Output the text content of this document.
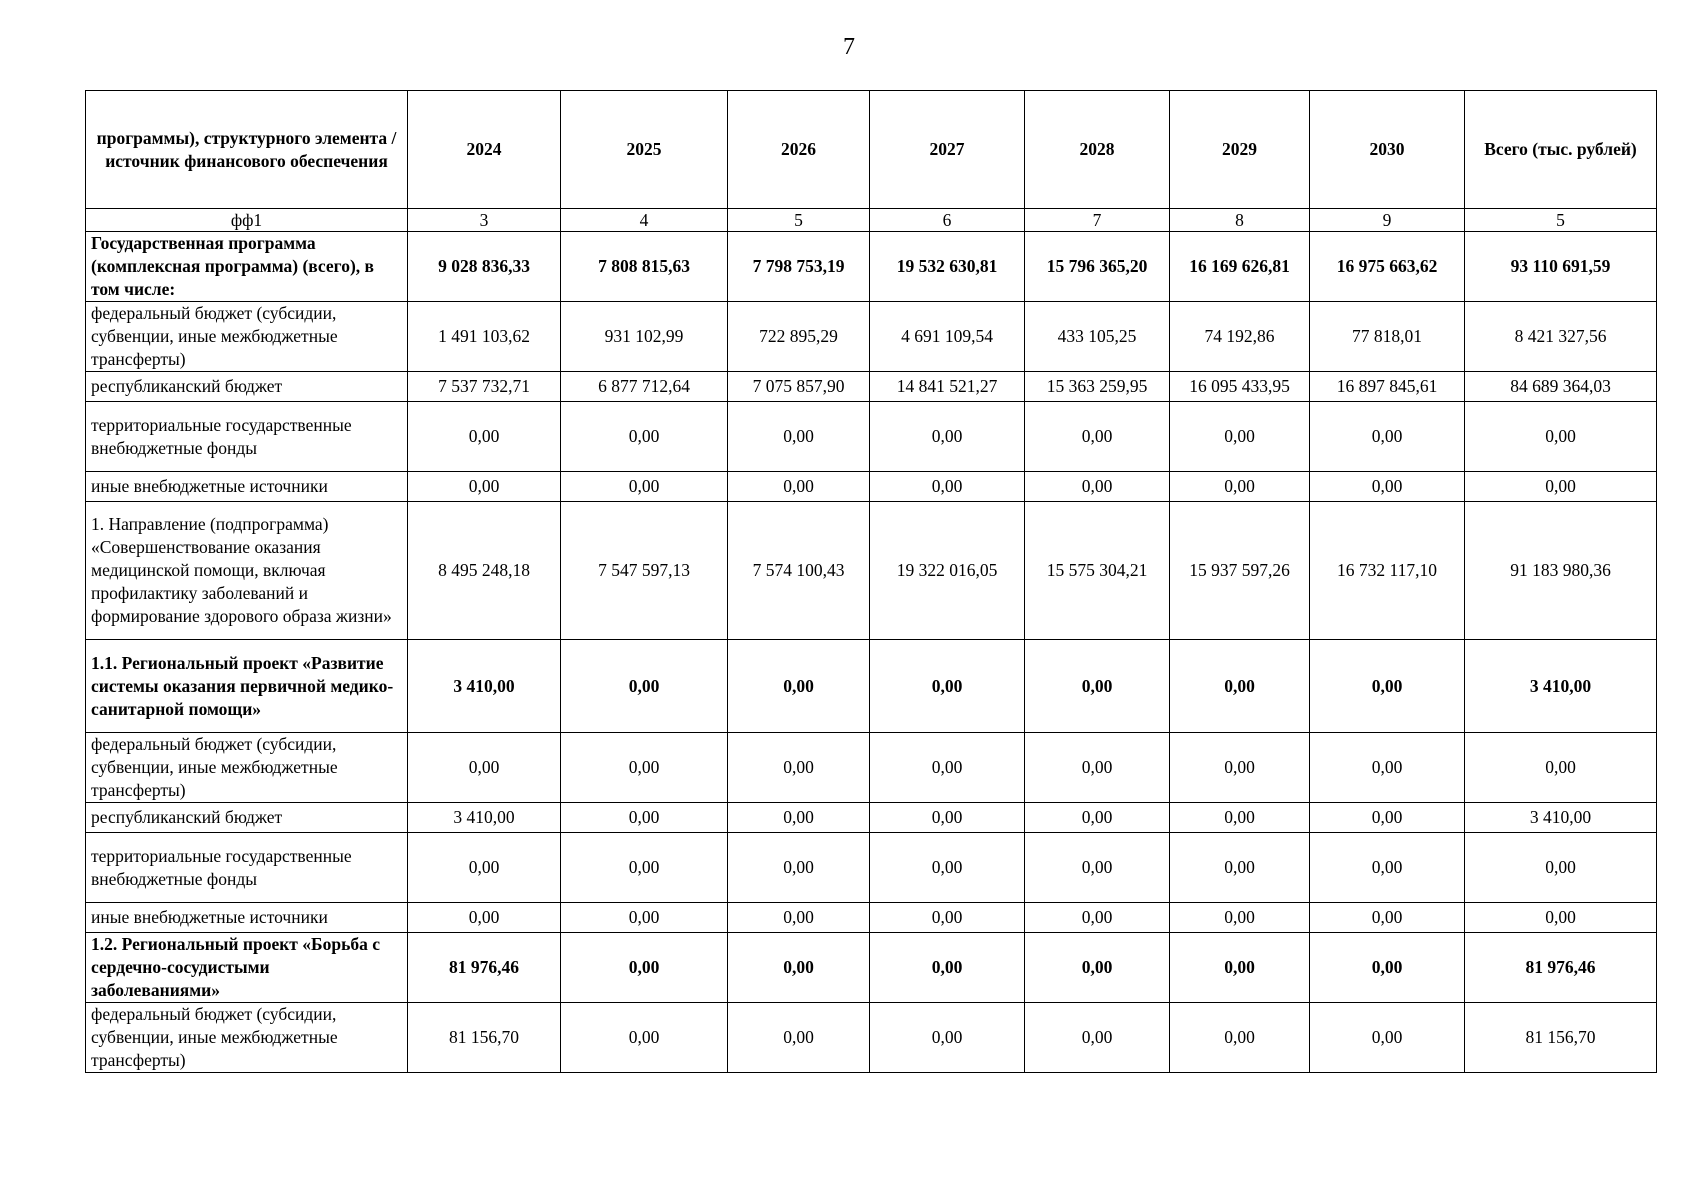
7
программы), структурного элемента / источник финансового обеспечения	2024	2025	2026	2027	2028	2029	2030	Всего (тыс. рублей)
фф1	3	4	5	6	7	8	9	5
Государственная программа (комплексная программа) (всего), в том числе:	9 028 836,33	7 808 815,63	7 798 753,19	19 532 630,81	15 796 365,20	16 169 626,81	16 975 663,62	93 110 691,59
федеральный бюджет (субсидии, субвенции, иные межбюджетные трансферты)	1 491 103,62	931 102,99	722 895,29	4 691 109,54	433 105,25	74 192,86	77 818,01	8 421 327,56
республиканский бюджет	7 537 732,71	6 877 712,64	7 075 857,90	14 841 521,27	15 363 259,95	16 095 433,95	16 897 845,61	84 689 364,03
территориальные государственные внебюджетные фонды	0,00	0,00	0,00	0,00	0,00	0,00	0,00	0,00
иные внебюджетные источники	0,00	0,00	0,00	0,00	0,00	0,00	0,00	0,00
1. Направление (подпрограмма) «Совершенствование оказания медицинской помощи, включая профилактику заболеваний и формирование здорового образа жизни»	8 495 248,18	7 547 597,13	7 574 100,43	19 322 016,05	15 575 304,21	15 937 597,26	16 732 117,10	91 183 980,36
1.1. Региональный проект «Развитие системы оказания первичной медико-санитарной помощи»	3 410,00	0,00	0,00	0,00	0,00	0,00	0,00	3 410,00
федеральный бюджет (субсидии, субвенции, иные межбюджетные трансферты)	0,00	0,00	0,00	0,00	0,00	0,00	0,00	0,00
республиканский бюджет	3 410,00	0,00	0,00	0,00	0,00	0,00	0,00	3 410,00
территориальные государственные внебюджетные фонды	0,00	0,00	0,00	0,00	0,00	0,00	0,00	0,00
иные внебюджетные источники	0,00	0,00	0,00	0,00	0,00	0,00	0,00	0,00
1.2. Региональный проект «Борьба с сердечно-сосудистыми заболеваниями»	81 976,46	0,00	0,00	0,00	0,00	0,00	0,00	81 976,46
федеральный бюджет (субсидии, субвенции, иные межбюджетные трансферты)	81 156,70	0,00	0,00	0,00	0,00	0,00	0,00	81 156,70
